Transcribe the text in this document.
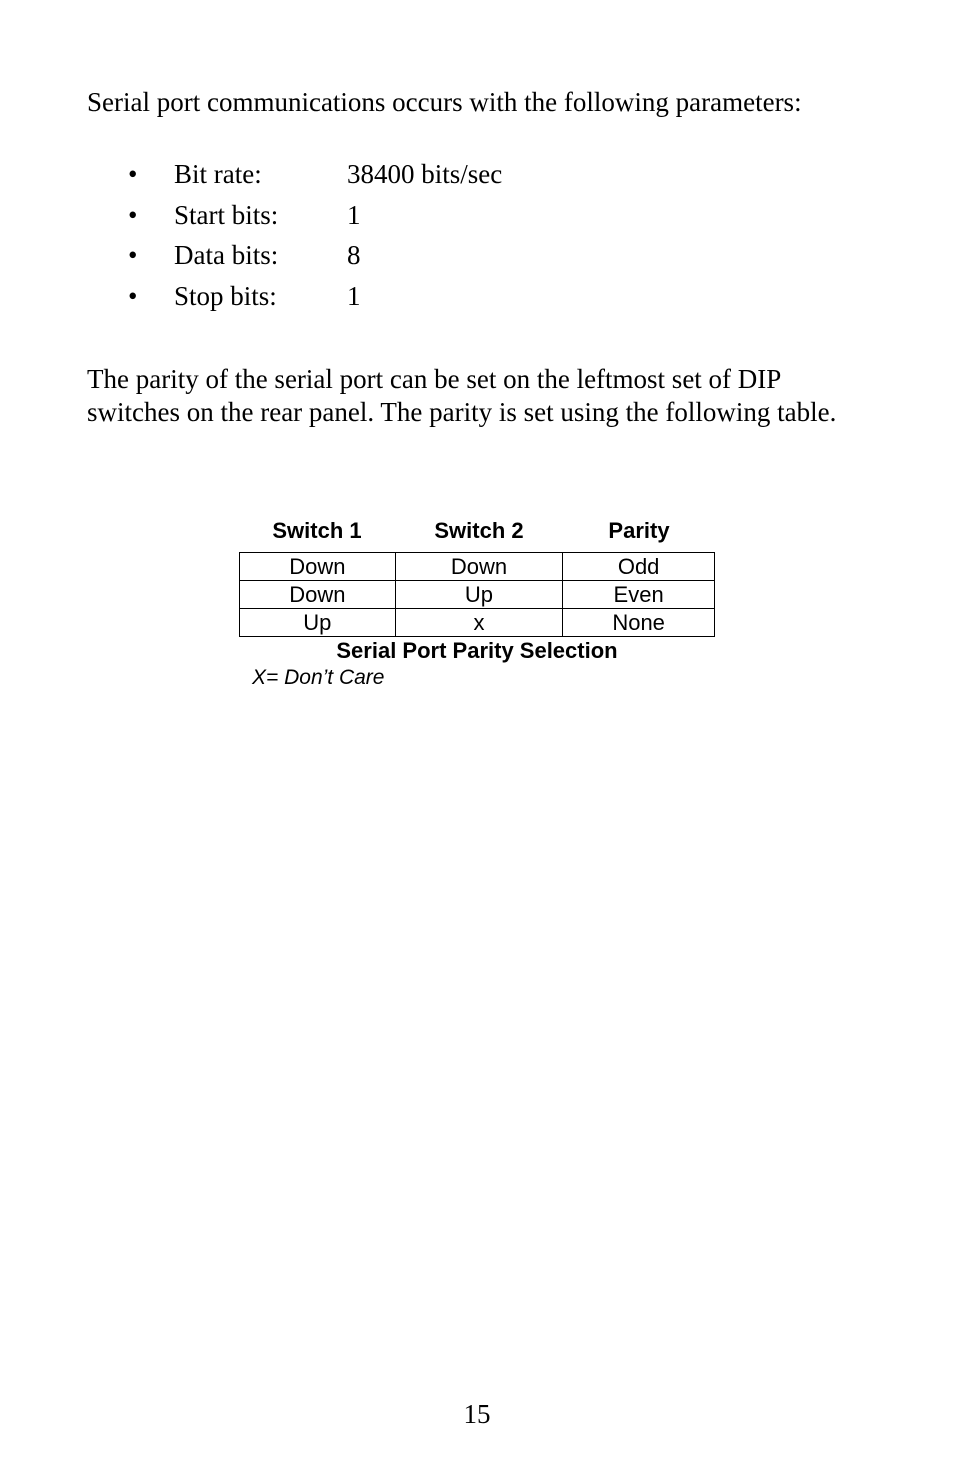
Serial port communications occurs with the following parameters:

• Bit rate:	38400 bits/sec
• Start bits:	1
• Data bits:	8
• Stop bits:	1

The parity of the serial port can be set on the leftmost set of DIP switches on the rear panel. The parity is set using the following table.

Switch 1	Switch 2	Parity
Down	Down	Odd
Down	Up	Even
Up	x	None
Serial Port Parity Selection
X= Don’t Care
15
